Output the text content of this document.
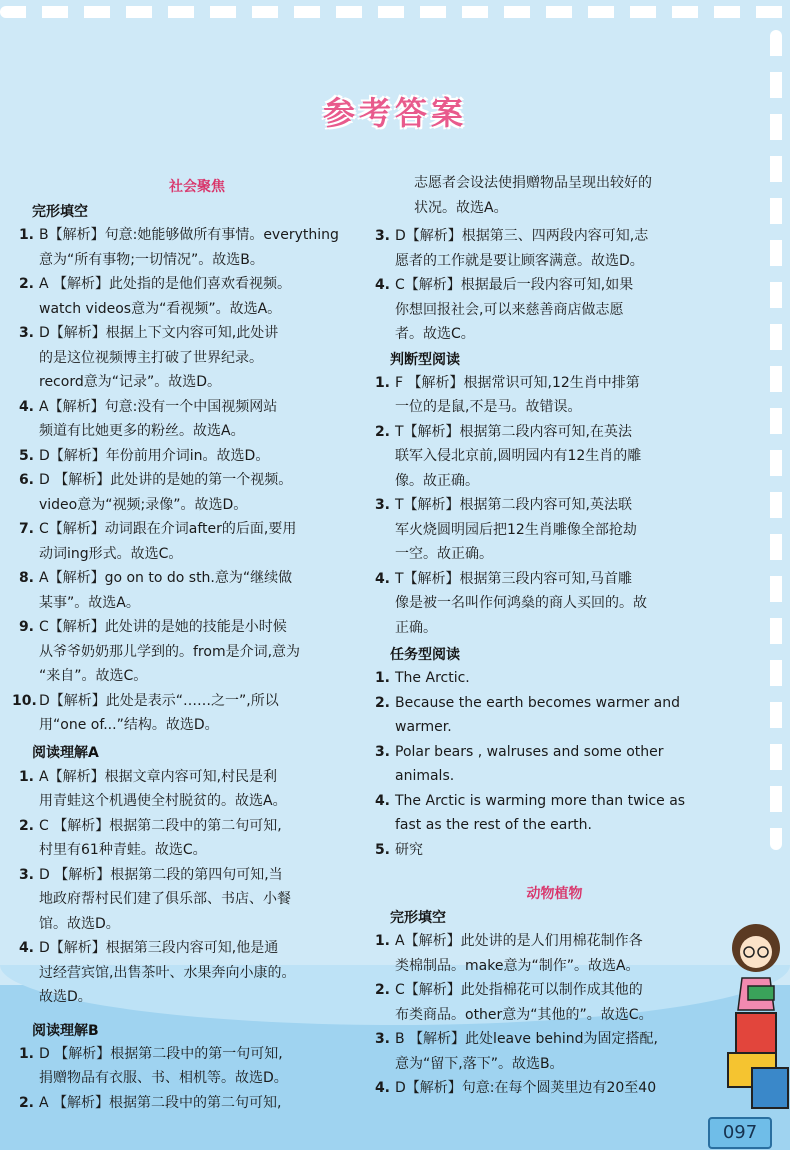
参考答案
社会聚焦
完形填空
1. B【解析】句意:她能够做所有事情。everything
意为“所有事物;一切情况”。故选B。
2. A 【解析】此处指的是他们喜欢看视频。
watch videos意为“看视频”。故选A。
3. D【解析】根据上下文内容可知,此处讲
的是这位视频博主打破了世界纪录。
record意为“记录”。故选D。
4. A【解析】句意:没有一个中国视频网站
频道有比她更多的粉丝。故选A。
5. D【解析】年份前用介词in。故选D。
6. D 【解析】此处讲的是她的第一个视频。
video意为“视频;录像”。故选D。
7. C【解析】动词跟在介词after的后面,要用
动词ing形式。故选C。
8. A【解析】go on to do sth.意为“继续做
某事”。故选A。
9. C【解析】此处讲的是她的技能是小时候
从爷爷奶奶那儿学到的。from是介词,意为
“来自”。故选C。
10. D【解析】此处是表示“……之一”,所以
用“one of...”结构。故选D。
阅读理解A
1. A【解析】根据文章内容可知,村民是利
用青蛙这个机遇使全村脱贫的。故选A。
2. C 【解析】根据第二段中的第二句可知,
村里有61种青蛙。故选C。
3. D 【解析】根据第二段的第四句可知,当
地政府帮村民们建了俱乐部、书店、小餐
馆。故选D。
4. D【解析】根据第三段内容可知,他是通
过经营宾馆,出售茶叶、水果奔向小康的。
故选D。
阅读理解B
1. D 【解析】根据第二段中的第一句可知,
捐赠物品有衣服、书、相机等。故选D。
2. A 【解析】根据第二段中的第二句可知,
志愿者会设法使捐赠物品呈现出较好的
状况。故选A。
3. D【解析】根据第三、四两段内容可知,志
愿者的工作就是要让顾客满意。故选D。
4. C【解析】根据最后一段内容可知,如果
你想回报社会,可以来慈善商店做志愿
者。故选C。
判断型阅读
1. F 【解析】根据常识可知,12生肖中排第
一位的是鼠,不是马。故错误。
2. T【解析】根据第二段内容可知,在英法
联军入侵北京前,圆明园内有12生肖的雕
像。故正确。
3. T【解析】根据第二段内容可知,英法联
军火烧圆明园后把12生肖雕像全部抢劫
一空。故正确。
4. T【解析】根据第三段内容可知,马首雕
像是被一名叫作何鸿燊的商人买回的。故
正确。
任务型阅读
1. The Arctic.
2. Because the earth becomes warmer and
warmer.
3. Polar bears , walruses and some other
animals.
4. The Arctic is warming more than twice as
fast as the rest of the earth.
5. 研究
动物植物
完形填空
1. A【解析】此处讲的是人们用棉花制作各
类棉制品。make意为“制作”。故选A。
2. C【解析】此处指棉花可以制作成其他的
布类商品。other意为“其他的”。故选C。
3. B 【解析】此处leave behind为固定搭配,
意为“留下,落下”。故选B。
4. D【解析】句意:在每个圆荚里边有20至40
097
